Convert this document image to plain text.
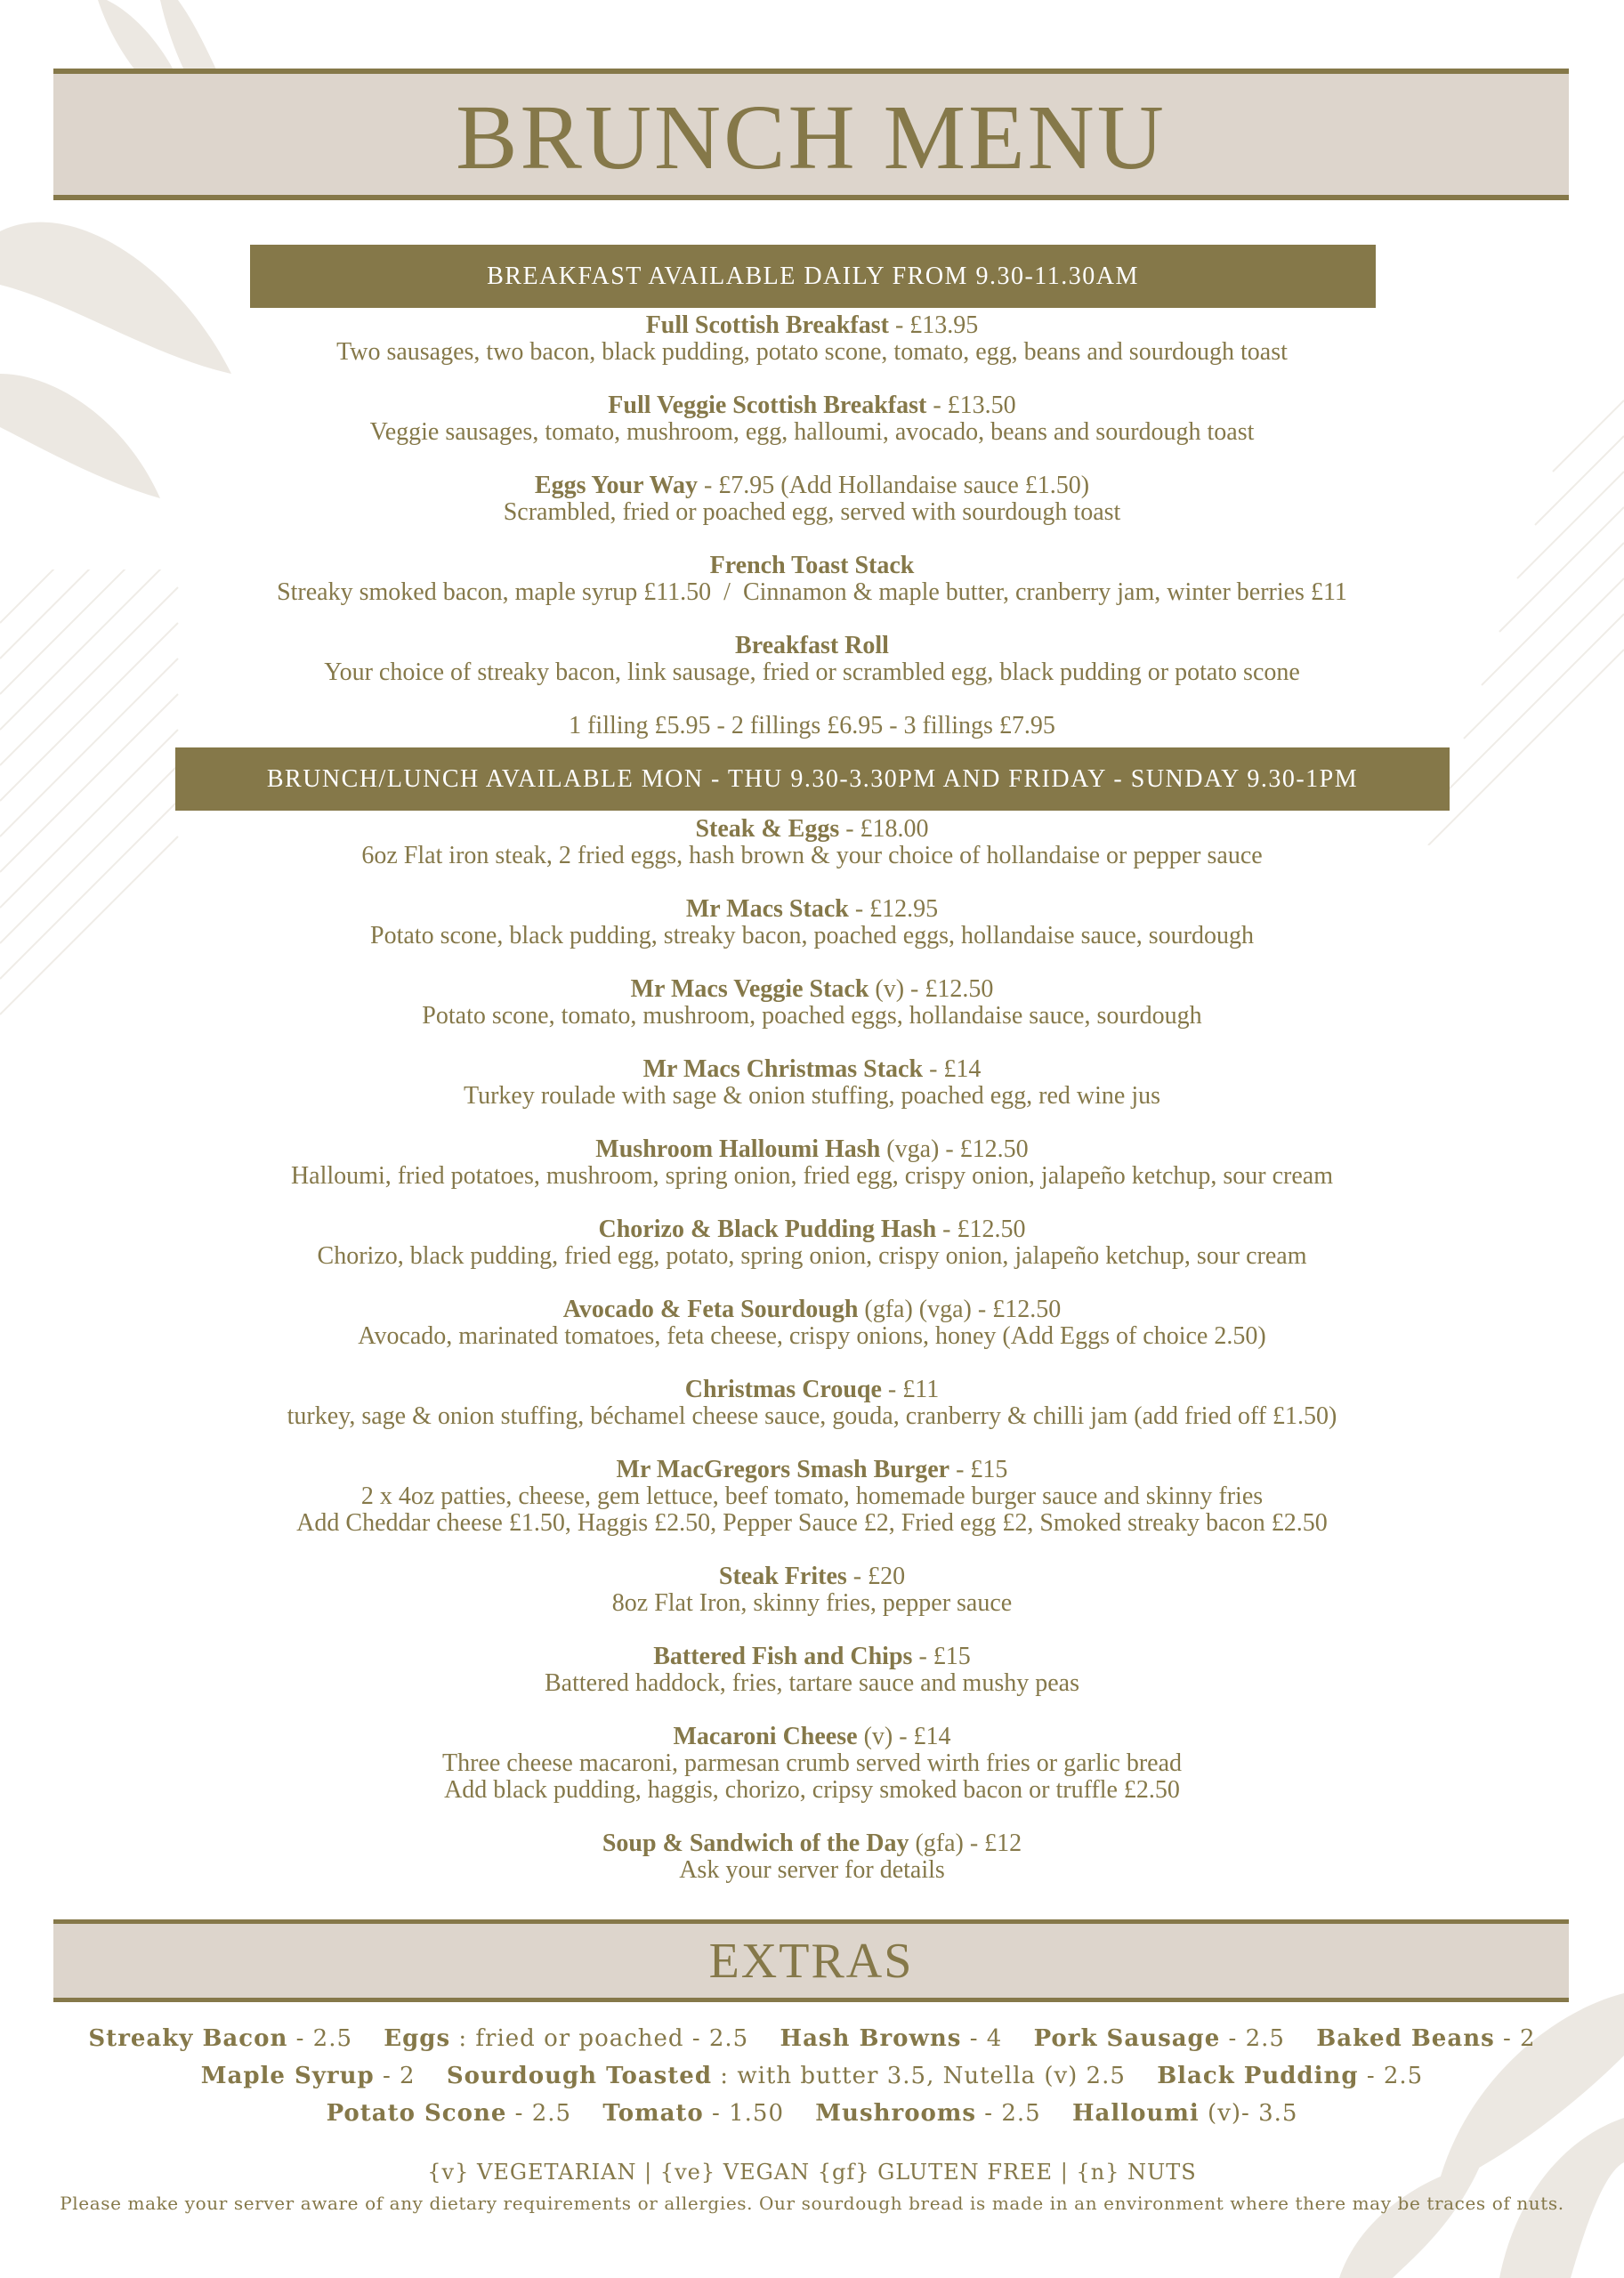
BRUNCH MENU
BREAKFAST AVAILABLE DAILY FROM 9.30-11.30AM
Full Scottish Breakfast - £13.95
Two sausages, two bacon, black pudding, potato scone, tomato, egg, beans and sourdough toast
Full Veggie Scottish Breakfast - £13.50
Veggie sausages, tomato, mushroom, egg, halloumi, avocado, beans and sourdough toast
Eggs Your Way - £7.95 (Add Hollandaise sauce £1.50)
Scrambled, fried or poached egg, served with sourdough toast
French Toast Stack
Streaky smoked bacon, maple syrup £11.50  /  Cinnamon & maple butter, cranberry jam, winter berries £11
Breakfast Roll
Your choice of streaky bacon, link sausage, fried or scrambled egg, black pudding or potato scone
1 filling £5.95 - 2 fillings £6.95 - 3 fillings £7.95
BRUNCH/LUNCH AVAILABLE MON - THU 9.30-3.30PM AND FRIDAY - SUNDAY 9.30-1PM
Steak & Eggs - £18.00
6oz Flat iron steak, 2 fried eggs, hash brown & your choice of hollandaise or pepper sauce
Mr Macs Stack - £12.95
Potato scone, black pudding, streaky bacon, poached eggs, hollandaise sauce, sourdough
Mr Macs Veggie Stack (v) - £12.50
Potato scone, tomato, mushroom, poached eggs, hollandaise sauce, sourdough
Mr Macs Christmas Stack - £14
Turkey roulade with sage & onion stuffing, poached egg, red wine jus
Mushroom Halloumi Hash (vga) - £12.50
Halloumi, fried potatoes, mushroom, spring onion, fried egg, crispy onion, jalapeño ketchup, sour cream
Chorizo & Black Pudding Hash - £12.50
Chorizo, black pudding, fried egg, potato, spring onion, crispy onion, jalapeño ketchup, sour cream
Avocado & Feta Sourdough (gfa) (vga) - £12.50
Avocado, marinated tomatoes, feta cheese, crispy onions, honey (Add Eggs of choice 2.50)
Christmas Crouqe - £11
turkey, sage & onion stuffing, béchamel cheese sauce, gouda, cranberry & chilli jam (add fried off £1.50)
Mr MacGregors Smash Burger - £15
2 x 4oz patties, cheese, gem lettuce, beef tomato, homemade burger sauce and skinny fries
Add Cheddar cheese £1.50, Haggis £2.50, Pepper Sauce £2, Fried egg £2, Smoked streaky bacon £2.50
Steak Frites - £20
8oz Flat Iron, skinny fries, pepper sauce
Battered Fish and Chips - £15
Battered haddock, fries, tartare sauce and mushy peas
Macaroni Cheese (v) - £14
Three cheese macaroni, parmesan crumb served wirth fries or garlic bread
Add black pudding, haggis, chorizo, cripsy smoked bacon or truffle £2.50
Soup & Sandwich of the Day (gfa) - £12
Ask your server for details
EXTRAS
Streaky Bacon - 2.5 Eggs : fried or poached - 2.5 Hash Browns - 4 Pork Sausage - 2.5 Baked Beans - 2
Maple Syrup - 2 Sourdough Toasted : with butter 3.5, Nutella (v) 2.5 Black Pudding - 2.5
Potato Scone - 2.5 Tomato - 1.50 Mushrooms - 2.5 Halloumi (v)- 3.5
{v} VEGETARIAN | {ve} VEGAN {gf} GLUTEN FREE | {n} NUTS
Please make your server aware of any dietary requirements or allergies. Our sourdough bread is made in an environment where there may be traces of nuts.
